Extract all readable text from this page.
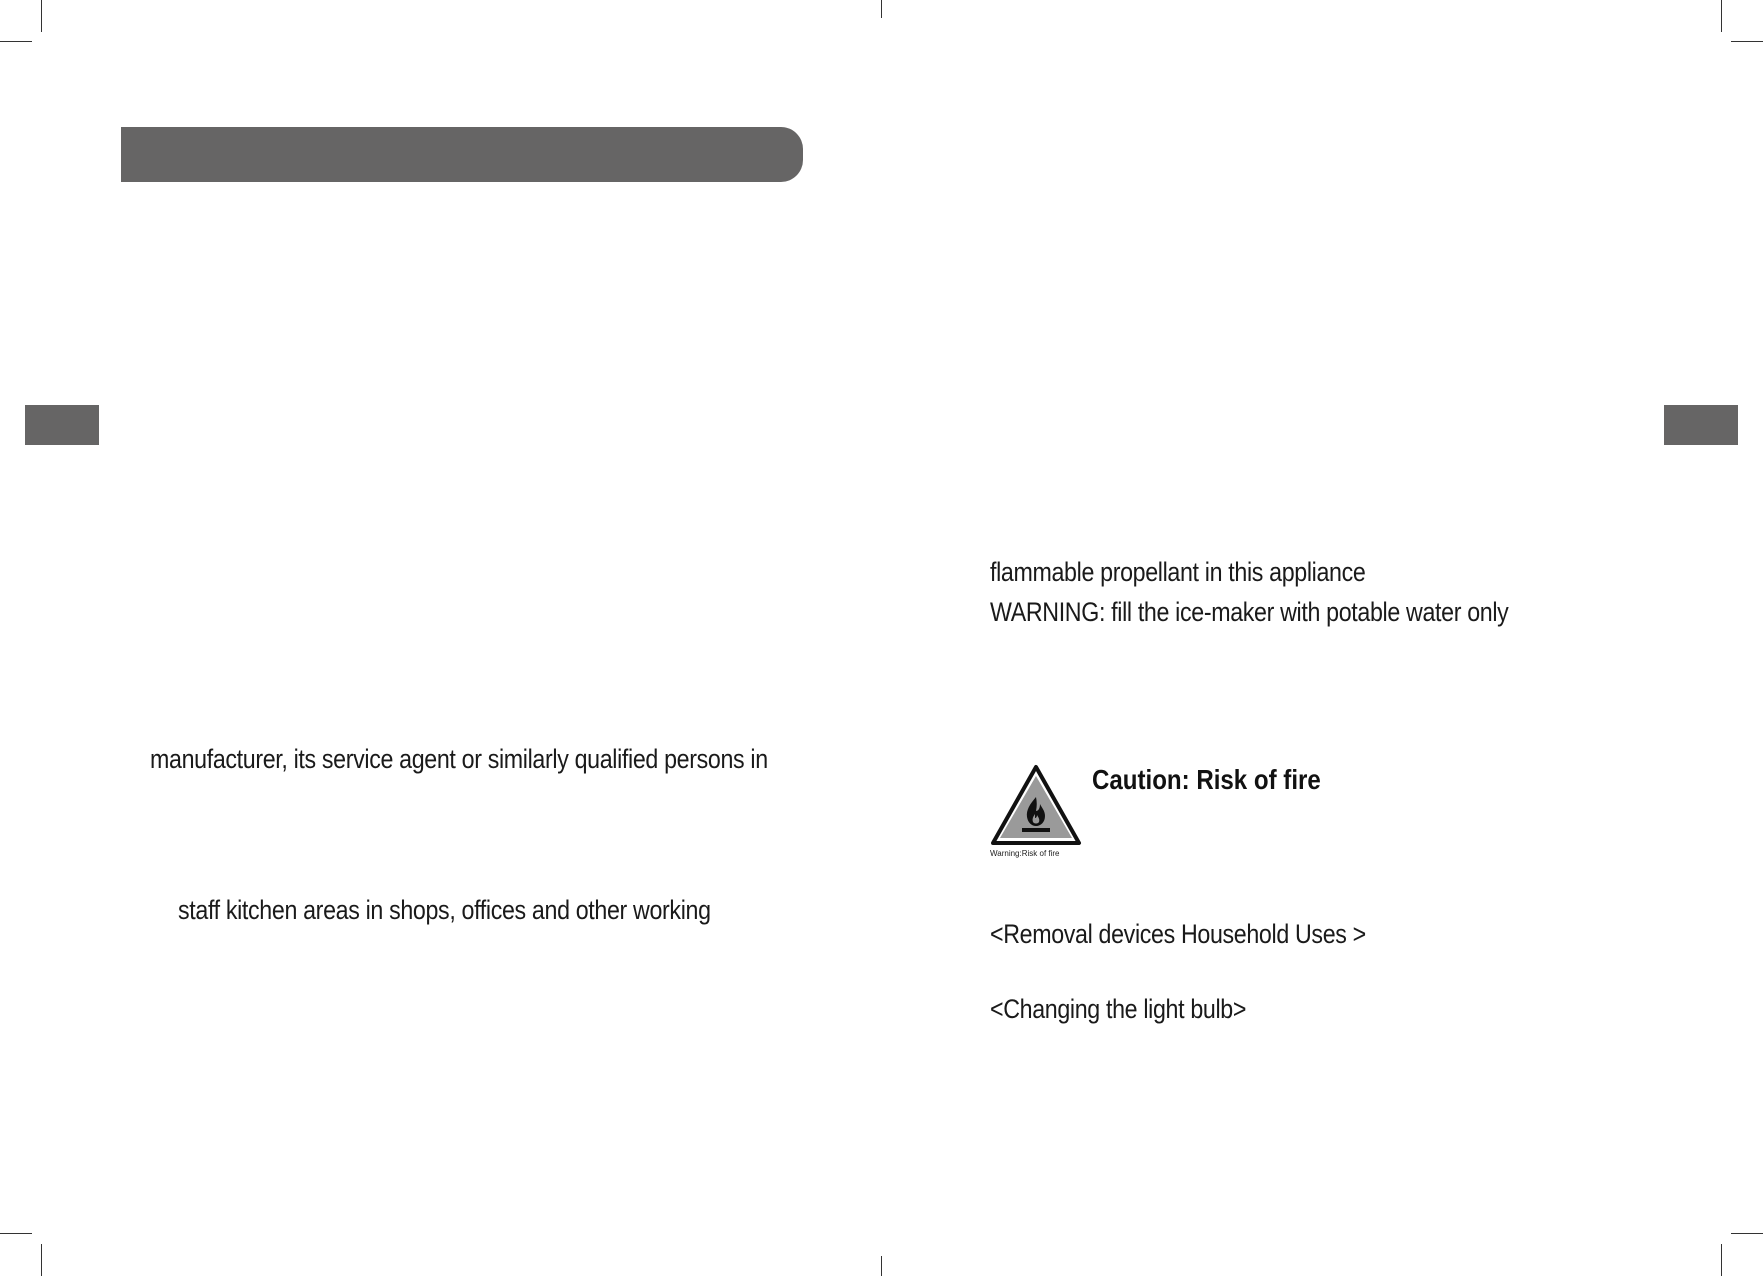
manufacturer, its service agent or similarly qualified persons in
staff kitchen areas in shops, offices and other working
flammable propellant in this appliance
WARNING: fill the ice-maker with potable water only
Warning:Risk of fire
Caution: Risk of fire
<Removal devices Household Uses >
<Changing the light bulb>
